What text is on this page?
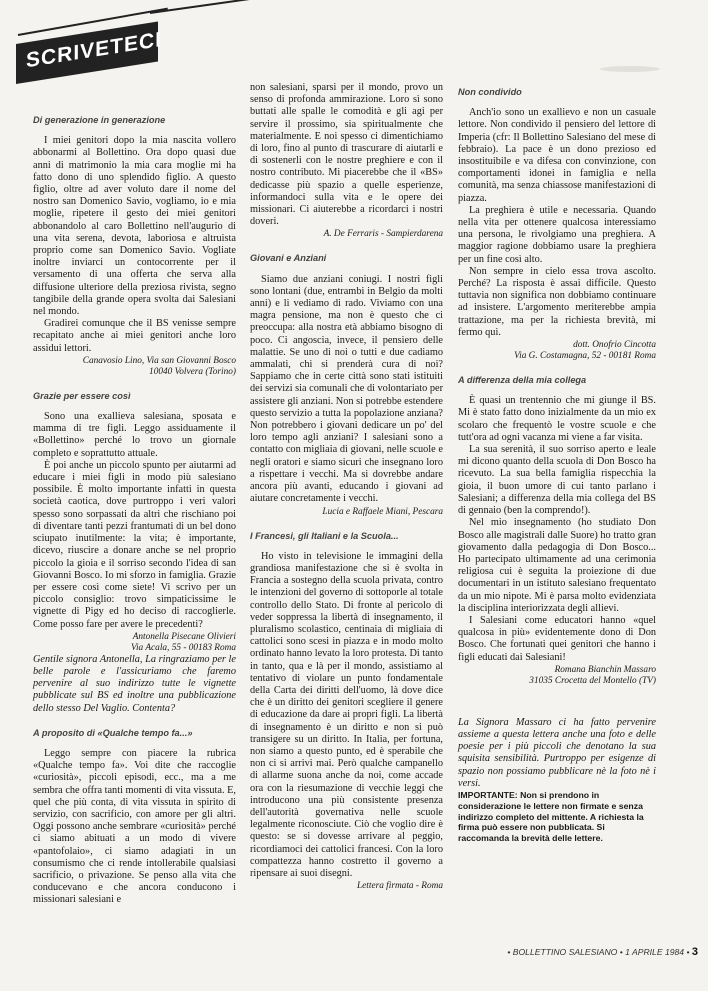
SCRIVETECI
Di generazione in generazione

I miei genitori dopo la mia nascita vollero abbonarmi al Bollettino. Ora dopo quasi due anni di matrimonio la mia cara moglie mi ha fatto dono di uno splendido figlio. A questo figlio, oltre ad aver voluto dare il nome del nostro san Domenico Savio, vogliamo, io e mia moglie, ripetere il gesto dei miei genitori abbonandolo al caro Bollettino nell'augurio di una vita serena, devota, laboriosa e altruista proprio come san Domenico Savio. Vogliate inoltre inviarci un contocorrente per il versamento di una offerta che serva alla diffusione ulteriore della preziosa rivista, segno tangibile della grande opera svolta dai Salesiani nel mondo.

Gradirei comunque che il BS venisse sempre recapitato anche ai miei genitori anche loro assidui lettori.

Canavosio Lino, Via san Giovanni Bosco
10040 Volvera (Torino)
Grazie per essere così

Sono una exallieva salesiana, sposata e mamma di tre figli. Leggo assiduamente il «Bollettino» perché lo trovo un giornale completo e soprattutto attuale.

È poi anche un piccolo spunto per aiutarmi ad educare i miei figli in modo più salesiano possibile. È molto importante infatti in questa società caotica, dove purtroppo i veri valori spesso sono sorpassati da altri che rischiano poi di diventare tanti pezzi frantumati di un bel dono sciupato inutilmente: la vita; è importante, dicevo, riuscire a donare anche se nel proprio piccolo la gioia e il sorriso secondo l'idea di san Giovanni Bosco. Io mi sforzo in famiglia. Grazie per essere così come siete! Vi scrivo per un piccolo consiglio: trovo simpaticissime le vignette di Pigy ed ho deciso di raccoglierle. Come posso fare per avere le precedenti?

Antonella Pisecane Olivieri
Via Acala, 55 - 00183 Roma

Gentile signora Antonella, La ringraziamo per le belle parole e l'assicuriamo che faremo pervenire al suo indirizzo tutte le vignette pubblicate sul BS ed inoltre una pubblicazione dello stesso Del Vaglio. Contenta?

A proposito di «Qualche tempo fa...»

Leggo sempre con piacere la rubrica «Qualche tempo fa». Voi dite che raccoglie «curiosità», piccoli episodi, ecc., ma a me sembra che offra tanti momenti di vita vissuta. E, quel che più conta, di vita vissuta in spirito di servizio, con sacrificio, con amore per gli altri. Oggi possono anche sembrare «curiosità» perché ci siamo abituati a un modo di vivere «pantofolaio», ci siamo adagiati in un consumismo che ci rende intollerabile qualsiasi sacrificio, o privazione. Se penso alla vita che conducevano e che ancora conducono i missionari salesiani e

non salesiani, sparsi per il mondo, provo un senso di profonda ammirazione. Loro sì sono buttati alle spalle le comodità e gli agi per servire il prossimo, sia spiritualmente che materialmente. E noi spesso ci dimentichiamo di loro, fino al punto di trascurare di aiutarli e di sostenerli con le nostre preghiere e con il nostro contributo. Mi piacerebbe che il «BS» dedicasse più spazio a quelle esperienze, informandoci sulla vita e le opere dei missionari. Ci aiuterebbe a ricordarci i nostri doveri.

A. De Ferraris - Sampierdarena
Giovani e Anziani

Siamo due anziani coniugi. I nostri figli sono lontani (due, entrambi in Belgio da molti anni) e li vediamo di rado. Viviamo con una magra pensione, ma non è questo che ci preoccupa: alla nostra età abbiamo bisogno di poco. Ci angoscia, invece, il pensiero delle malattie. Se uno di noi o tutti e due cadiamo ammalati, chi si prenderà cura di noi? Sappiamo che in certe città sono stati istituiti dei servizi sia comunali che di volontariato per assistere gli anziani. Non si potrebbe estendere questo servizio a tutta la popolazione anziana? Non potrebbero i giovani dedicare un po' del loro tempo agli anziani? I salesiani sono a contatto con migliaia di giovani, nelle scuole e negli oratori e siamo sicuri che insegnano loro a rispettare i vecchi. Ma si dovrebbe andare ancora più avanti, educando i giovani ad aiutare concretamente i vecchi.

Lucia e Raffaele Miani, Pescara
I Francesi, gli Italiani e la Scuola...

Ho visto in televisione le immagini della grandiosa manifestazione che si è svolta in Francia a sostegno della scuola privata, contro le intenzioni del governo di sottoporle al totale controllo dello Stato. Di fronte al pericolo di veder soppressa la libertà di insegnamento, il pluralismo scolastico, centinaia di migliaia di cattolici sono scesi in piazza e in modo molto ordinato hanno levato la loro protesta. Di tanto in tanto, qua e là per il mondo, assistiamo al tentativo di violare un punto fondamentale della Carta dei diritti dell'uomo, là dove dice che è un diritto dei genitori scegliere il genere di educazione da dare ai propri figli. La libertà di insegnamento è un diritto e non si può transigere su un diritto. In Italia, per fortuna, non siamo a questo punto, ed è sperabile che non ci si arrivi mai. Però qualche campanello di allarme suona anche da noi, come accade ora con la riesumazione di vecchie leggi che introducono una più consistente presenza dell'autorità governativa nelle scuole legalmente riconosciute. Ciò che voglio dire è questo: se si dovesse arrivare al peggio, ricordiamoci dei cattolici francesi. Con la loro compattezza hanno costretto il governo a ripensare ai suoi disegni.

Lettera firmata - Roma
Non condivido

Anch'io sono un exallievo e non un casuale lettore. Non condivido il pensiero del lettore di Imperia (cfr: Il Bollettino Salesiano del mese di febbraio). La pace è un dono prezioso ed insostituibile e va difesa con convinzione, con comportamenti idonei in famiglia e nella comunità, ma senza chiassose manifestazioni di piazza.

La preghiera è utile e necessaria. Quando nella vita per ottenere qualcosa interessiamo una persona, le rivolgiamo una preghiera. A maggior ragione dobbiamo usare la preghiera per un fine così alto.

Non sempre in cielo essa trova ascolto. Perché? La risposta è assai difficile. Questo tuttavia non significa non dobbiamo continuare ad insistere. L'argomento meriterebbe ampia trattazione, ma per la richiesta brevità, mi fermo qui.

dott. Onofrio Cincotta
Via G. Costamagna, 52 - 00181 Roma
A differenza della mia collega

È quasi un trentennio che mi giunge il BS. Mi è stato fatto dono inizialmente da un mio ex scolaro che frequentò le vostre scuole e che tutt'ora ad ogni vacanza mi viene a far visita.

La sua serenità, il suo sorriso aperto e leale mi dicono quanto della scuola di Don Bosco ha ricevuto. La sua bella famiglia rispecchia la gioia, il buon umore di cui tanto parlano i Salesiani; a differenza della mia collega del BS di gennaio (ben la comprendo!).

Nel mio insegnamento (ho studiato Don Bosco alle magistrali dalle Suore) ho tratto gran giovamento dalla pedagogia di Don Bosco... Ho partecipato ultimamente ad una cerimonia religiosa cui è seguita la proiezione di due documentari in un istituto salesiano frequentato da un mio nipote. Mi è parsa molto evidenziata la disciplina interiorizzata degli allievi.

I Salesiani come educatori hanno «quel qualcosa in più» evidentemente dono di Don Bosco. Che fortunati quei genitori che hanno i figli educati dai Salesiani!

Romana Bianchin Massaro
31035 Crocetta del Montello (TV)

La Signora Massaro ci ha fatto pervenire assieme a questa lettera anche una foto e delle poesie per i più piccoli che denotano la sua squisita sensibilità. Purtroppo per esigenze di spazio non possiamo pubblicare nè la foto nè i versi.

IMPORTANTE: Non si prendono in considerazione le lettere non firmate e senza indirizzo completo del mittente. A richiesta la firma può essere non pubblicata. Si raccomanda la brevità delle lettere.

• BOLLETTINO SALESIANO • 1 APRILE 1984 • 3
